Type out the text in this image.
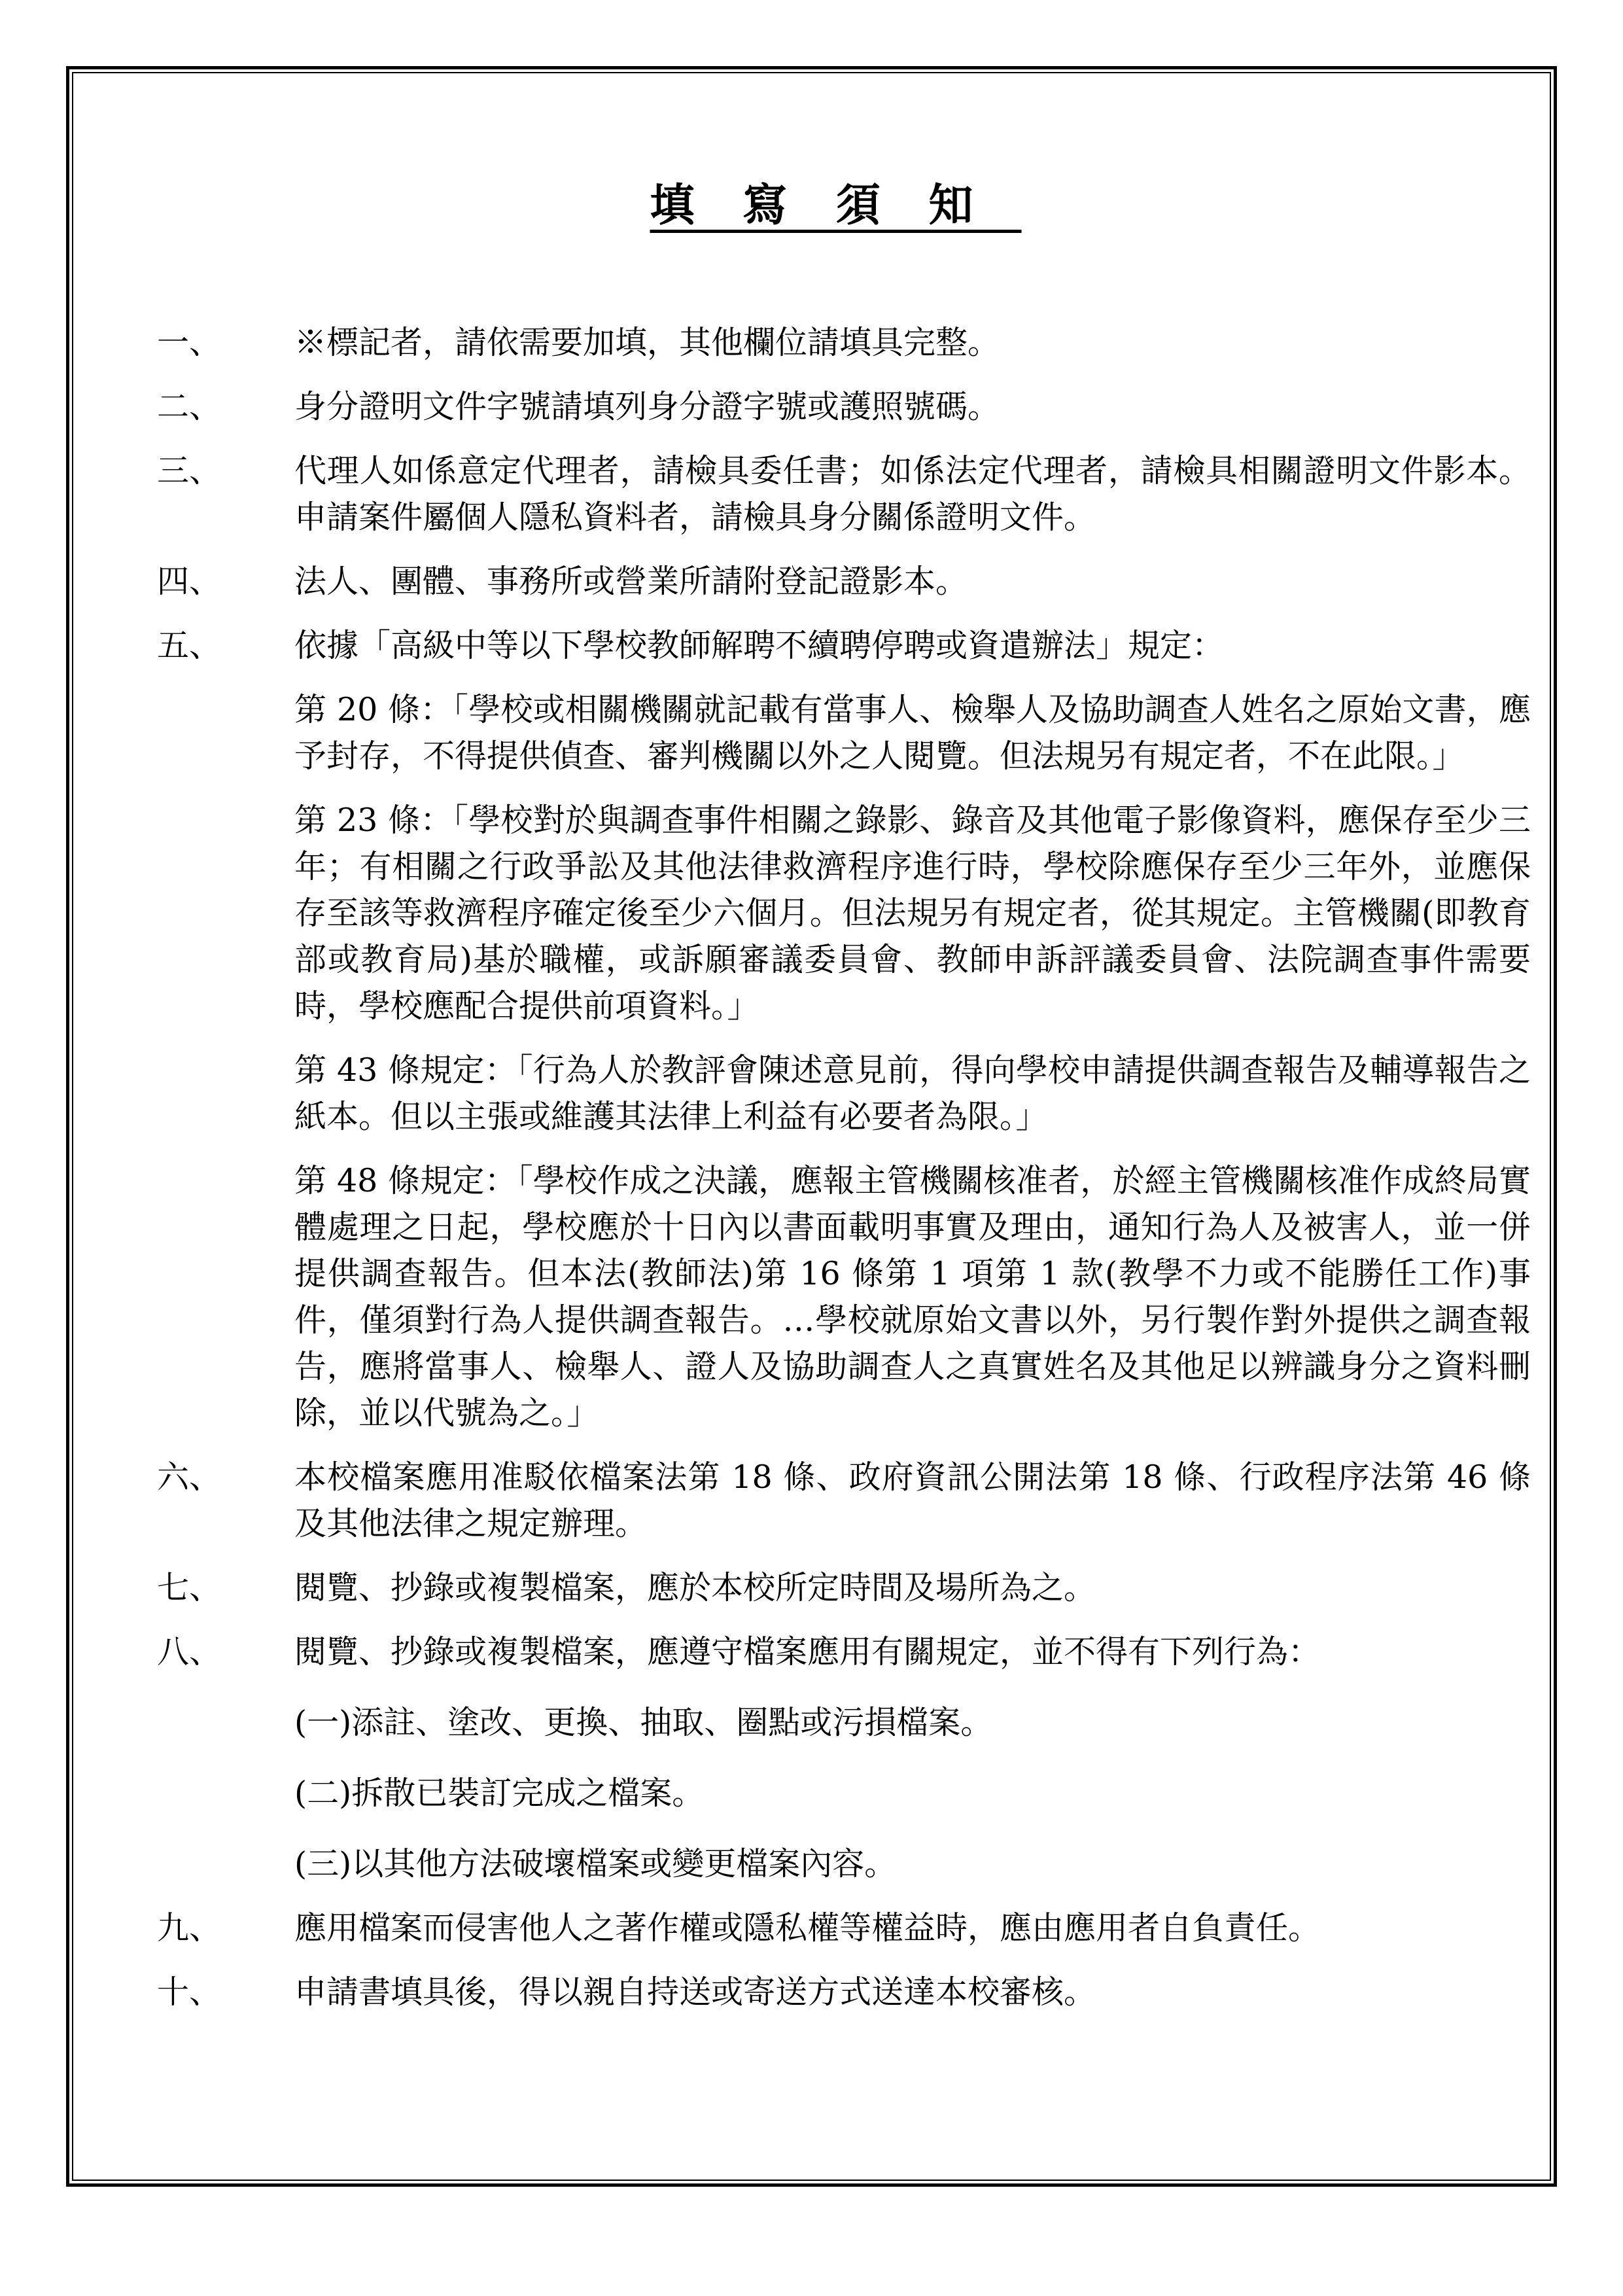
填寫須知
一、 ※標記者，請依需要加填，其他欄位請填具完整。
二、 身分證明文件字號請填列身分證字號或護照號碼。
三、 代理人如係意定代理者，請檢具委任書；如係法定代理者，請檢具相關證明文件影本。申請案件屬個人隱私資料者，請檢具身分關係證明文件。
四、 法人、團體、事務所或營業所請附登記證影本。
五、 依據「高級中等以下學校教師解聘不續聘停聘或資遣辦法」規定：
第 20 條：「學校或相關機關就記載有當事人、檢舉人及協助調查人姓名之原始文書，應予封存，不得提供偵查、審判機關以外之人閱覽。但法規另有規定者，不在此限。」
第 23 條：「學校對於與調查事件相關之錄影、錄音及其他電子影像資料，應保存至少三年；有相關之行政爭訟及其他法律救濟程序進行時，學校除應保存至少三年外，並應保存至該等救濟程序確定後至少六個月。但法規另有規定者，從其規定。主管機關(即教育部或教育局)基於職權，或訴願審議委員會、教師申訴評議委員會、法院調查事件需要時，學校應配合提供前項資料。」
第 43 條規定：「行為人於教評會陳述意見前，得向學校申請提供調查報告及輔導報告之紙本。但以主張或維護其法律上利益有必要者為限。」
第 48 條規定：「學校作成之決議，應報主管機關核准者，於經主管機關核准作成終局實體處理之日起，學校應於十日內以書面載明事實及理由，通知行為人及被害人，並一併提供調查報告。但本法(教師法)第 16 條第 1 項第 1 款(教學不力或不能勝任工作)事件，僅須對行為人提供調查報告。…學校就原始文書以外，另行製作對外提供之調查報告，應將當事人、檢舉人、證人及協助調查人之真實姓名及其他足以辨識身分之資料刪除，並以代號為之。」
六、 本校檔案應用准駁依檔案法第 18 條、政府資訊公開法第 18 條、行政程序法第 46 條及其他法律之規定辦理。
七、 閱覽、抄錄或複製檔案，應於本校所定時間及場所為之。
八、 閱覽、抄錄或複製檔案，應遵守檔案應用有關規定，並不得有下列行為：
(一)添註、塗改、更換、抽取、圈點或污損檔案。
(二)拆散已裝訂完成之檔案。
(三)以其他方法破壞檔案或變更檔案內容。
九、 應用檔案而侵害他人之著作權或隱私權等權益時，應由應用者自負責任。
十、 申請書填具後，得以親自持送或寄送方式送達本校審核。
